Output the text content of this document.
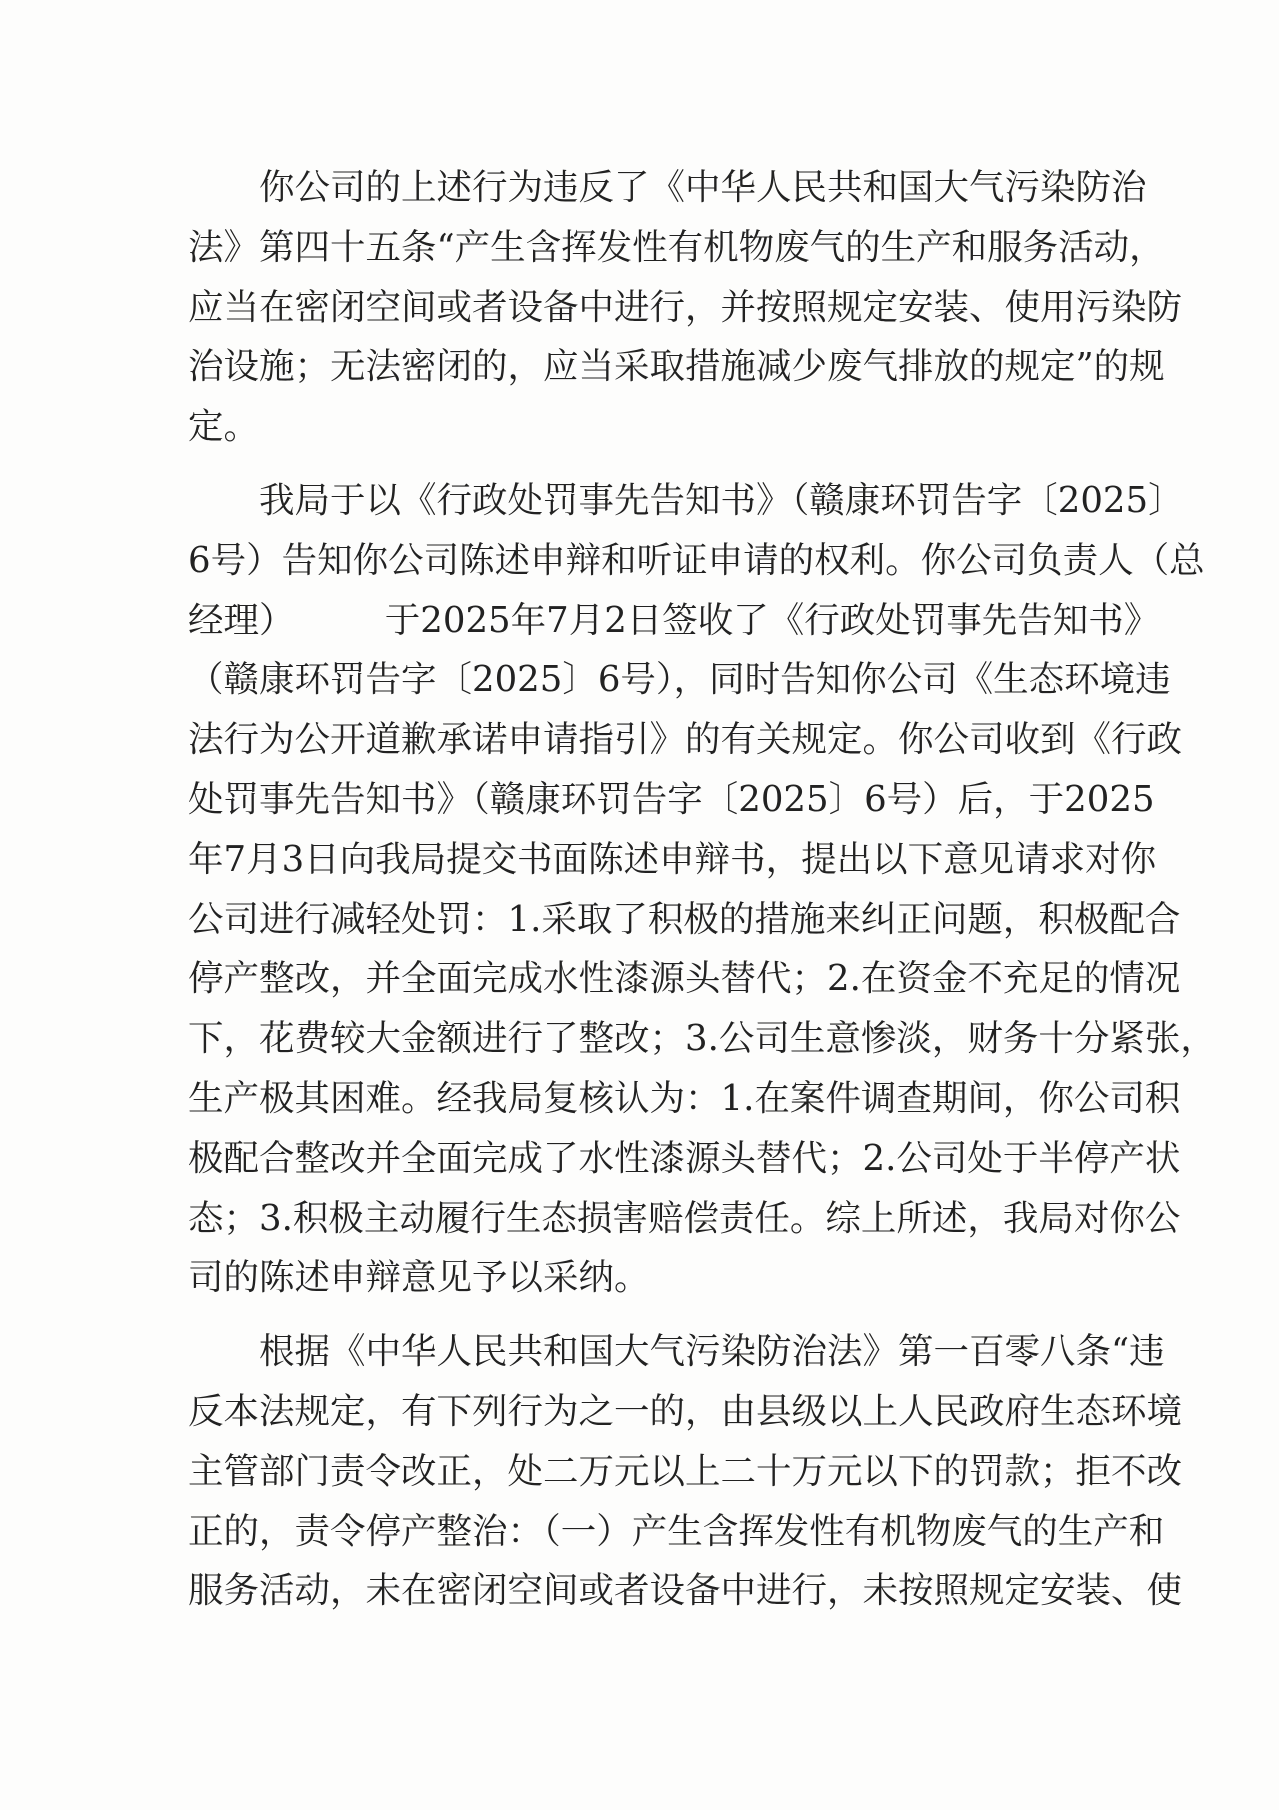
你公司的上述行为违反了《中华人民共和国大气污染防治
法》第四十五条“产生含挥发性有机物废气的生产和服务活动，
应当在密闭空间或者设备中进行，并按照规定安装、使用污染防
治设施；无法密闭的，应当采取措施减少废气排放的规定”的规
定。
我局于以《行政处罚事先告知书》（赣康环罚告字〔2025〕
6号）告知你公司陈述申辩和听证申请的权利。你公司负责人（总
经理）        于2025年7月2日签收了《行政处罚事先告知书》
（赣康环罚告字〔2025〕6号），同时告知你公司《生态环境违
法行为公开道歉承诺申请指引》的有关规定。你公司收到《行政
处罚事先告知书》（赣康环罚告字〔2025〕6号）后，于2025
年7月3日向我局提交书面陈述申辩书，提出以下意见请求对你
公司进行减轻处罚：1.采取了积极的措施来纠正问题，积极配合
停产整改，并全面完成水性漆源头替代；2.在资金不充足的情况
下，花费较大金额进行了整改；3.公司生意惨淡，财务十分紧张，
生产极其困难。经我局复核认为：1.在案件调查期间，你公司积
极配合整改并全面完成了水性漆源头替代；2.公司处于半停产状
态；3.积极主动履行生态损害赔偿责任。综上所述，我局对你公
司的陈述申辩意见予以采纳。
根据《中华人民共和国大气污染防治法》第一百零八条“违
反本法规定，有下列行为之一的，由县级以上人民政府生态环境
主管部门责令改正，处二万元以上二十万元以下的罚款；拒不改
正的，责令停产整治：（一）产生含挥发性有机物废气的生产和
服务活动，未在密闭空间或者设备中进行，未按照规定安装、使
